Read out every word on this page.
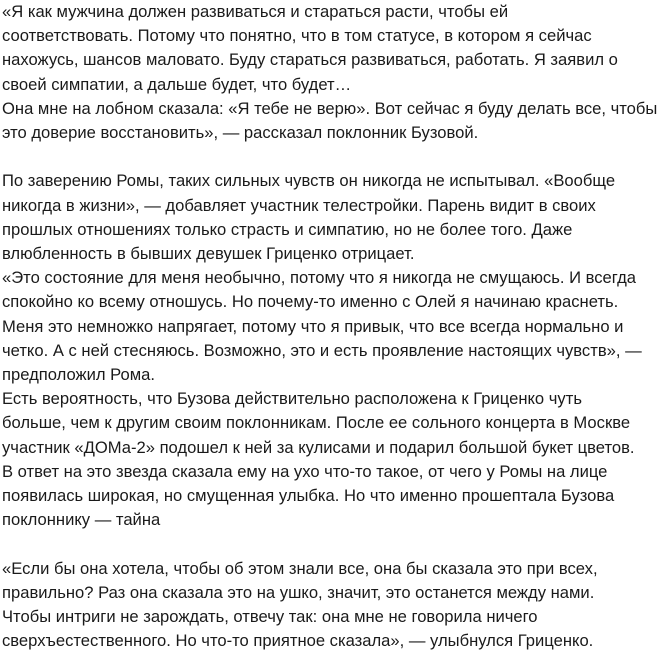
«Я как мужчина должен развиваться и стараться расти, чтобы ей
соответствовать. Потому что понятно, что в том статусе, в котором я сейчас
нахожусь, шансов маловато. Буду стараться развиваться, работать. Я заявил о
своей симпатии, а дальше будет, что будет…
Она мне на лобном сказала: «Я тебе не верю». Вот сейчас я буду делать все, чтобы
это доверие восстановить», — рассказал поклонник Бузовой.

По заверению Ромы, таких сильных чувств он никогда не испытывал. «Вообще
никогда в жизни», — добавляет участник телестройки. Парень видит в своих
прошлых отношениях только страсть и симпатию, но не более того. Даже
влюбленность в бывших девушек Гриценко отрицает.
«Это состояние для меня необычно, потому что я никогда не смущаюсь. И всегда
спокойно ко всему отношусь. Но почему-то именно с Олей я начинаю краснеть.
Меня это немножко напрягает, потому что я привык, что все всегда нормально и
четко. А с ней стесняюсь. Возможно, это и есть проявление настоящих чувств», —
предположил Рома.
Есть вероятность, что Бузова действительно расположена к Гриценко чуть
больше, чем к другим своим поклонникам. После ее сольного концерта в Москве
участник «ДОМа-2» подошел к ней за кулисами и подарил большой букет цветов.
В ответ на это звезда сказала ему на ухо что-то такое, от чего у Ромы на лице
появилась широкая, но смущенная улыбка. Но что именно прошептала Бузова
поклоннику — тайна

«Если бы она хотела, чтобы об этом знали все, она бы сказала это при всех,
правильно? Раз она сказала это на ушко, значит, это останется между нами.
Чтобы интриги не зарождать, отвечу так: она мне не говорила ничего
сверхъестественного. Но что-то приятное сказала», — улыбнулся Гриценко.
